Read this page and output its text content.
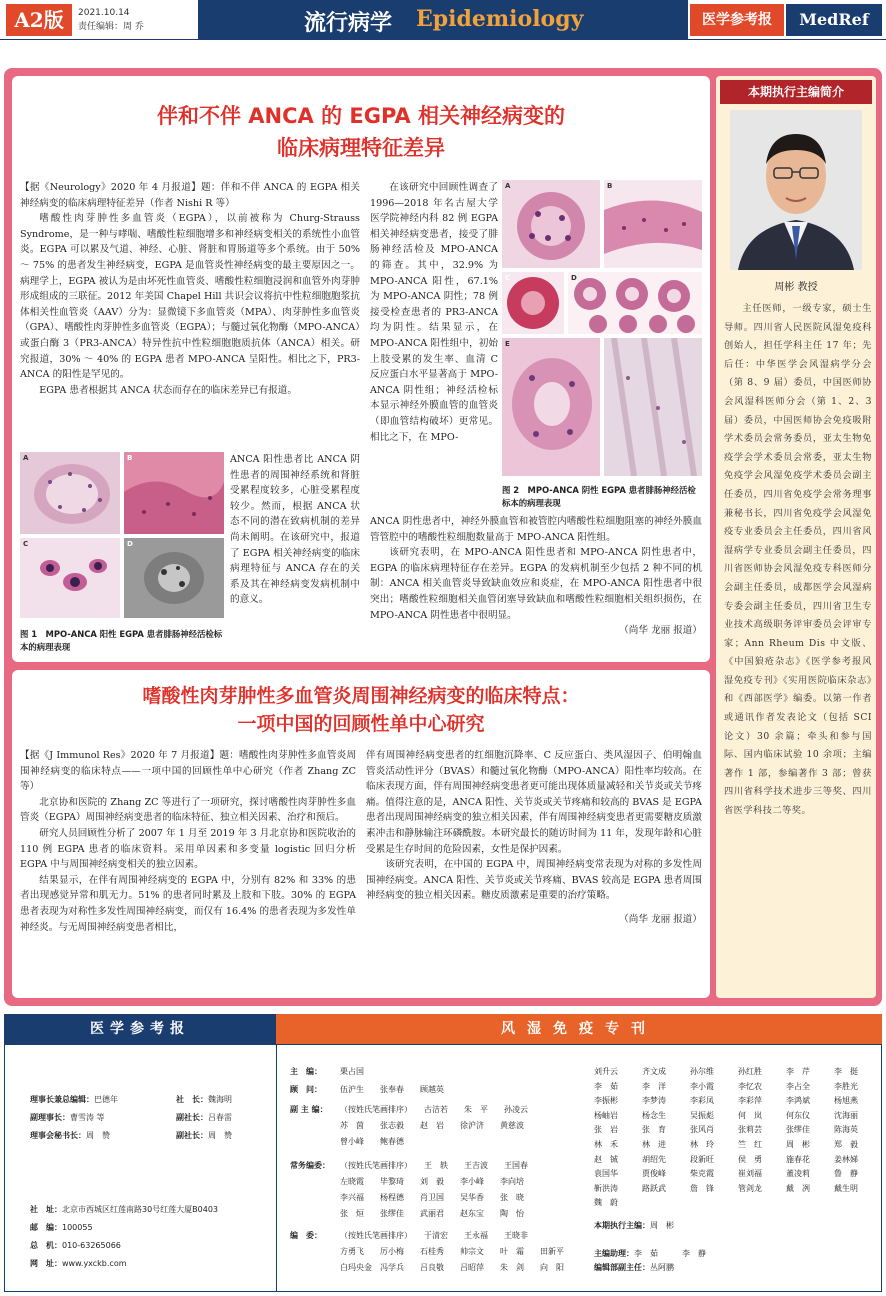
A2版	2021.10.14
责任编辑：周 乔	流行病学 Epidemiology	医学参考报	MedRef
伴和不伴 ANCA 的 EGPA 相关神经病变的
临床病理特征差异

【据《Neurology》2020 年 4 月报道】题：伴和不伴 ANCA 的 EGPA 相关神经病变的临床病理特征差异（作者 Nishi R 等）

嗜酸性肉芽肿性多血管炎（EGPA），以前被称为 Churg-Strauss Syndrome，是一种与哮喘、嗜酸性粒细胞增多和神经病变相关的系统性小血管炎。EGPA 可以累及气道、神经、心脏、肾脏和胃肠道等多个系统。由于 50% ～ 75% 的患者发生神经病变，EGPA 是血管炎性神经病变的最主要原因之一。病理学上，EGPA 被认为是由坏死性血管炎、嗜酸性粒细胞浸润和血管外肉芽肿形成组成的三联征。2012 年美国 Chapel Hill 共识会议将抗中性粒细胞胞浆抗体相关性血管炎（AAV）分为：显微镜下多血管炎（MPA）、肉芽肿性多血管炎（GPA）、嗜酸性肉芽肿性多血管炎（EGPA）；与髓过氧化物酶（MPO-ANCA）或蛋白酶 3（PR3-ANCA）特异性抗中性粒细胞胞质抗体（ANCA）相关。研究报道，30% ～ 40% 的 EGPA 患者 MPO-ANCA 呈阳性。相比之下，PR3-ANCA 的阳性是罕见的。

EGPA 患者根据其 ANCA 状态而存在的临床差异已有报道。

A	B
C	D
图 1　MPO-ANCA 阳性 EGPA 患者腓肠神经活检标本的病理表现

ANCA 阳性患者比 ANCA 阴性患者的周围神经系统和肾脏受累程度较多，心脏受累程度较少。然而，根据 ANCA 状态不同的潜在致病机制的差异尚未阐明。在该研究中，报道了 EGPA 相关神经病变的临床病理特征与 ANCA 存在的关系及其在神经病变发病机制中的意义。

在该研究中回顾性调查了 1996—2018 年名古屋大学医学院神经内科 82 例 EGPA 相关神经病变患者，接受了腓肠神经活检及 MPO-ANCA 的筛查。其中，32.9% 为 MPO-ANCA 阳性，67.1% 为 MPO-ANCA 阴性；78 例接受检查患者的 PR3-ANCA 均为阴性。结果显示，在 MPO-ANCA 阳性组中，初始上肢受累的发生率、血清 C 反应蛋白水平显著高于 MPO-ANCA 阴性组；神经活检标本显示神经外膜血管的血管炎（即血管结构破坏）更常见。相比之下，在 MPO-

A	B
C	D
E
图 2　MPO-ANCA 阴性 EGPA 患者腓肠神经活检标本的病理表现

ANCA 阴性患者中，神经外膜血管和被管腔内嗜酸性粒细胞阻塞的神经外膜血管管腔中的嗜酸性粒细胞数量高于 MPO-ANCA 阳性组。

该研究表明，在 MPO-ANCA 阳性患者和 MPO-ANCA 阴性患者中，EGPA 的临床病理特征存在差异。EGPA 的发病机制至少包括 2 种不同的机制：ANCA 相关血管炎导致缺血效应和炎症，在 MPO-ANCA 阳性患者中很突出；嗜酸性粒细胞相关血管闭塞导致缺血和嗜酸性粒细胞相关组织损伤，在 MPO-ANCA 阴性患者中很明显。

（尚华 龙丽 报道）
嗜酸性肉芽肿性多血管炎周围神经病变的临床特点：
一项中国的回顾性单中心研究

【据《J Immunol Res》2020 年 7 月报道】题：嗜酸性肉芽肿性多血管炎周围神经病变的临床特点——一项中国的回顾性单中心研究（作者 Zhang ZC 等）

北京协和医院的 Zhang ZC 等进行了一项研究，探讨嗜酸性肉芽肿性多血管炎（EGPA）周围神经病变患者的临床特征、独立相关因素、治疗和预后。

研究人员回顾性分析了 2007 年 1 月至 2019 年 3 月北京协和医院收治的 110 例 EGPA 患者的临床资料。采用单因素和多变量 logistic 回归分析 EGPA 中与周围神经病变相关的独立因素。

结果显示，在伴有周围神经病变的 EGPA 中，分别有 82% 和 33% 的患者出现感觉异常和肌无力。51% 的患者同时累及上肢和下肢。30% 的 EGPA 患者表现为对称性多发性周围神经病变，而仅有 16.4% 的患者表现为多发性单神经炎。与无周围神经病变患者相比，

伴有周围神经病变患者的红细胞沉降率、C 反应蛋白、类风湿因子、伯明翰血管炎活动性评分（BVAS）和髓过氧化物酶（MPO-ANCA）阳性率均较高。在临床表现方面，伴有周围神经病变患者更可能出现体质量减轻和关节炎或关节疼痛。值得注意的是，ANCA 阳性、关节炎或关节疼痛和较高的 BVAS 是 EGPA 患者出现周围神经病变的独立相关因素，伴有周围神经病变患者更需要糖皮质激素冲击和静脉输注环磷酰胺。本研究最长的随访时间为 11 年，发现年龄和心脏受累是生存时间的危险因素，女性是保护因素。

该研究表明，在中国的 EGPA 中，周围神经病变常表现为对称的多发性周围神经病变。ANCA 阳性、关节炎或关节疼痛、BVAS 较高是 EGPA 患者周围神经病变的独立相关因素。糖皮质激素是重要的治疗策略。

（尚华 龙丽 报道）
本期执行主编简介
周彬 教授
主任医师，一级专家，硕士生导师。四川省人民医院风湿免疫科创始人，担任学科主任 17 年；先后任：中华医学会风湿病学分会（第 8、9 届）委员，中国医师协会风湿科医师分会（第 1、2、3 届）委员，中国医师协会免疫吸附学术委员会常务委员，亚太生物免疫学会学术委员会常委，亚太生物免疫学会风湿免疫学术委员会副主任委员，四川省免疫学会常务理事兼秘书长，四川省免疫学会风湿免疫专业委员会主任委员，四川省风湿病学专业委员会副主任委员，四川省医师协会风湿免疫专科医师分会副主任委员，成都医学会风湿病专委会副主任委员，四川省卫生专业技术高级职务评审委员会评审专家；Ann Rheum Dis 中文版、《中国狼疮杂志》《医学参考报风湿免疫专刊》《实用医院临床杂志》和《西部医学》编委。以第一作者或通讯作者发表论文（包括 SCI 论文）30 余篇；牵头和参与国际、国内临床试验 10 余项；主编著作 1 部，参编著作 3 部；曾获四川省科学技术进步三等奖、四川省医学科技二等奖。
医学参考报	风湿免疫专刊
理事长兼总编辑：巴德年	社　长：魏海明
副理事长：曹雪涛 等	副社长：吕春雷
理事会秘书长：周　赞	副社长：周　赞
社　址：北京市西城区红莲南路30号红莲大厦B0403
邮　编：100055
总　机：010-63265066
网　址：www.yxckb.com
主　编： 栗占国
顾　问： 伍沪生　　张奉春　　顾越英
副 主 编： （按姓氏笔画排序）　　古洁若　　朱　平　　孙凌云
苏　茵　　张志毅　　赵　岩　　徐沪济　　黄慈波
曾小峰　　鲍春德
常务编委： （按姓氏笔画排序）　　王　轶　　王吉波　　王国春
左晓霞　　毕黎琦　　刘　毅　　李小峰　　李向培
李兴福　　杨程德　　肖卫国　　吴华香　　张　晓
张　烜　　张缪佳　　武丽君　　赵东宝　　陶　怡
编　委： （按姓氏笔画排序）　　于清宏　　王永福　　王晓非
方勇飞　　厉小梅　　石桂秀　　帅宗文　　叶　霜　　田新平
白玛央金　冯学兵　　吕良敬　　吕昭萍　　朱　剑　　向　阳
刘升云	齐文成	孙尔维	孙红胜	李　芹	李　挺
李　茹	李　洋	李小霞	李忆农	李占全	李胜光
李振彬	李梦涛	李彩凤	李彩萍	李鸿斌	杨旭燕
杨岫岩	杨念生	吴振彪	何　岚	何东仪	沈海丽
张　岩	张　育	张风肖	张莉芸	张缪佳	陈海英
林　禾	林　进	林　玲	竺　红	周　彬	郑　毅
赵　铖	胡绍先	段新旺	侯　勇	施春花	姜林娣
袁国华	贾俊峰	柴克霞	崔刘福	董凌莉	鲁　静
靳洪涛	路跃武	詹　锋	管剑龙	戴　冽	戴生明
魏　蔚
本期执行主编：周　彬
主编助理：李　茹　　　李　静
编辑部副主任：丛阿鹏
